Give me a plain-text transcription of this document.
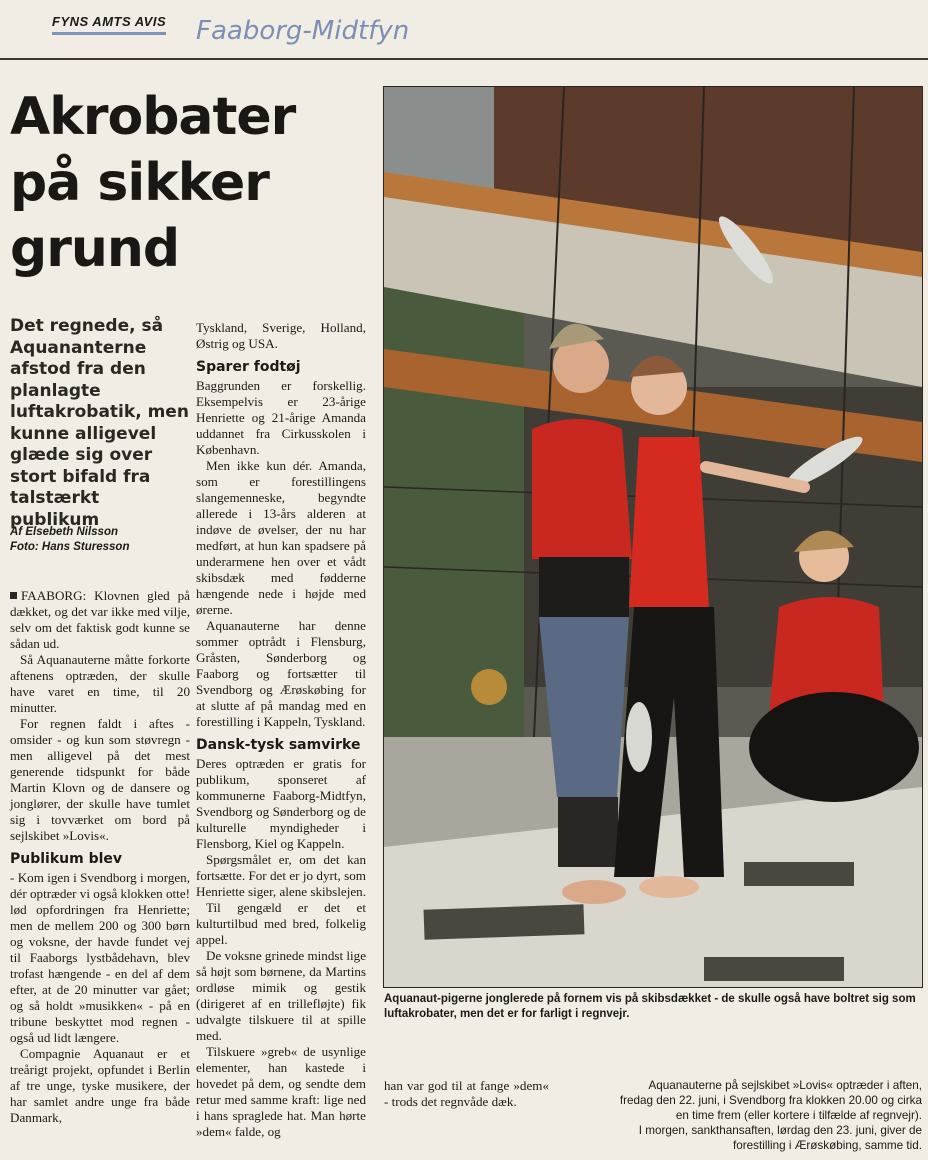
FYNS AMTS AVIS Faaborg-Midtfyn
Akrobater på sikker grund

Det regnede, så Aquananterne afstod fra den planlagte luftakrobatik, men kunne alligevel glæde sig over stort bifald fra talstærkt publikum

Af Elsebeth Nilsson
Foto: Hans Sturesson

FAABORG: Klovnen gled på dækket, og det var ikke med vilje, selv om det faktisk godt kunne se sådan ud.

Så Aquanauterne måtte forkorte aftenens optræden, der skulle have varet en time, til 20 minutter.

For regnen faldt i aftes - omsider - og kun som støvregn - men alligevel på det mest generende tidspunkt for både Martin Klovn og de dansere og jonglører, der skulle have tumlet sig i tovværket om bord på sejlskibet »Lovis«.

Publikum blev

- Kom igen i Svendborg i morgen, dér optræder vi også klokken otte! lød opfordringen fra Henriette; men de mellem 200 og 300 børn og voksne, der havde fundet vej til Faaborgs lystbådehavn, blev trofast hængende - en del af dem efter, at de 20 minutter var gået; og så holdt »musikken« - på en tribune beskyttet mod regnen - også ud lidt længere.

Compagnie Aquanaut er et treårigt projekt, opfundet i Berlin af tre unge, tyske musikere, der har samlet andre unge fra både Danmark,

Tyskland, Sverige, Holland, Østrig og USA.

Sparer fodtøj

Baggrunden er forskellig. Eksempelvis er 23-årige Henriette og 21-årige Amanda uddannet fra Cirkusskolen i København.

Men ikke kun dér. Amanda, som er forestillingens slangemenneske, begyndte allerede i 13-års alderen at indøve de øvelser, der nu har medført, at hun kan spadsere på underarmene hen over et vådt skibsdæk med fødderne hængende nede i højde med ørerne.

Aquanauterne har denne sommer optrådt i Flensburg, Gråsten, Sønderborg og Faaborg og fortsætter til Svendborg og Ærøskøbing for at slutte af på mandag med en forestilling i Kappeln, Tyskland.

Dansk-tysk samvirke

Deres optræden er gratis for publikum, sponseret af kommunerne Faaborg-Midtfyn, Svendborg og Sønderborg og de kulturelle myndigheder i Flensborg, Kiel og Kappeln.

Spørgsmålet er, om det kan fortsætte. For det er jo dyrt, som Henriette siger, alene skibslejen.

Til gengæld er det et kulturtilbud med bred, folkelig appel.

De voksne grinede mindst lige så højt som børnene, da Martins ordløse mimik og gestik (dirigeret af en trillefløjte) fik udvalgte tilskuere til at spille med.

Tilskuere »greb« de usynlige elementer, han kastede i hovedet på dem, og sendte dem retur med samme kraft: lige ned i hans spraglede hat. Man hørte »dem« falde, og

Aquanaut-pigerne jonglerede på fornem vis på skibsdækket - de skulle også have boltret sig som luftakrobater, men det er for farligt i regnvejr.

han var god til at fange »dem« - trods det regnvåde dæk.

Aquanauterne på sejlskibet »Lovis« optræder i aften, fredag den 22. juni, i Svendborg fra klokken 20.00 og cirka en time frem (eller kortere i tilfælde af regnvejr).

I morgen, sankthansaften, lørdag den 23. juni, giver de forestilling i Ærøskøbing, samme tid.
